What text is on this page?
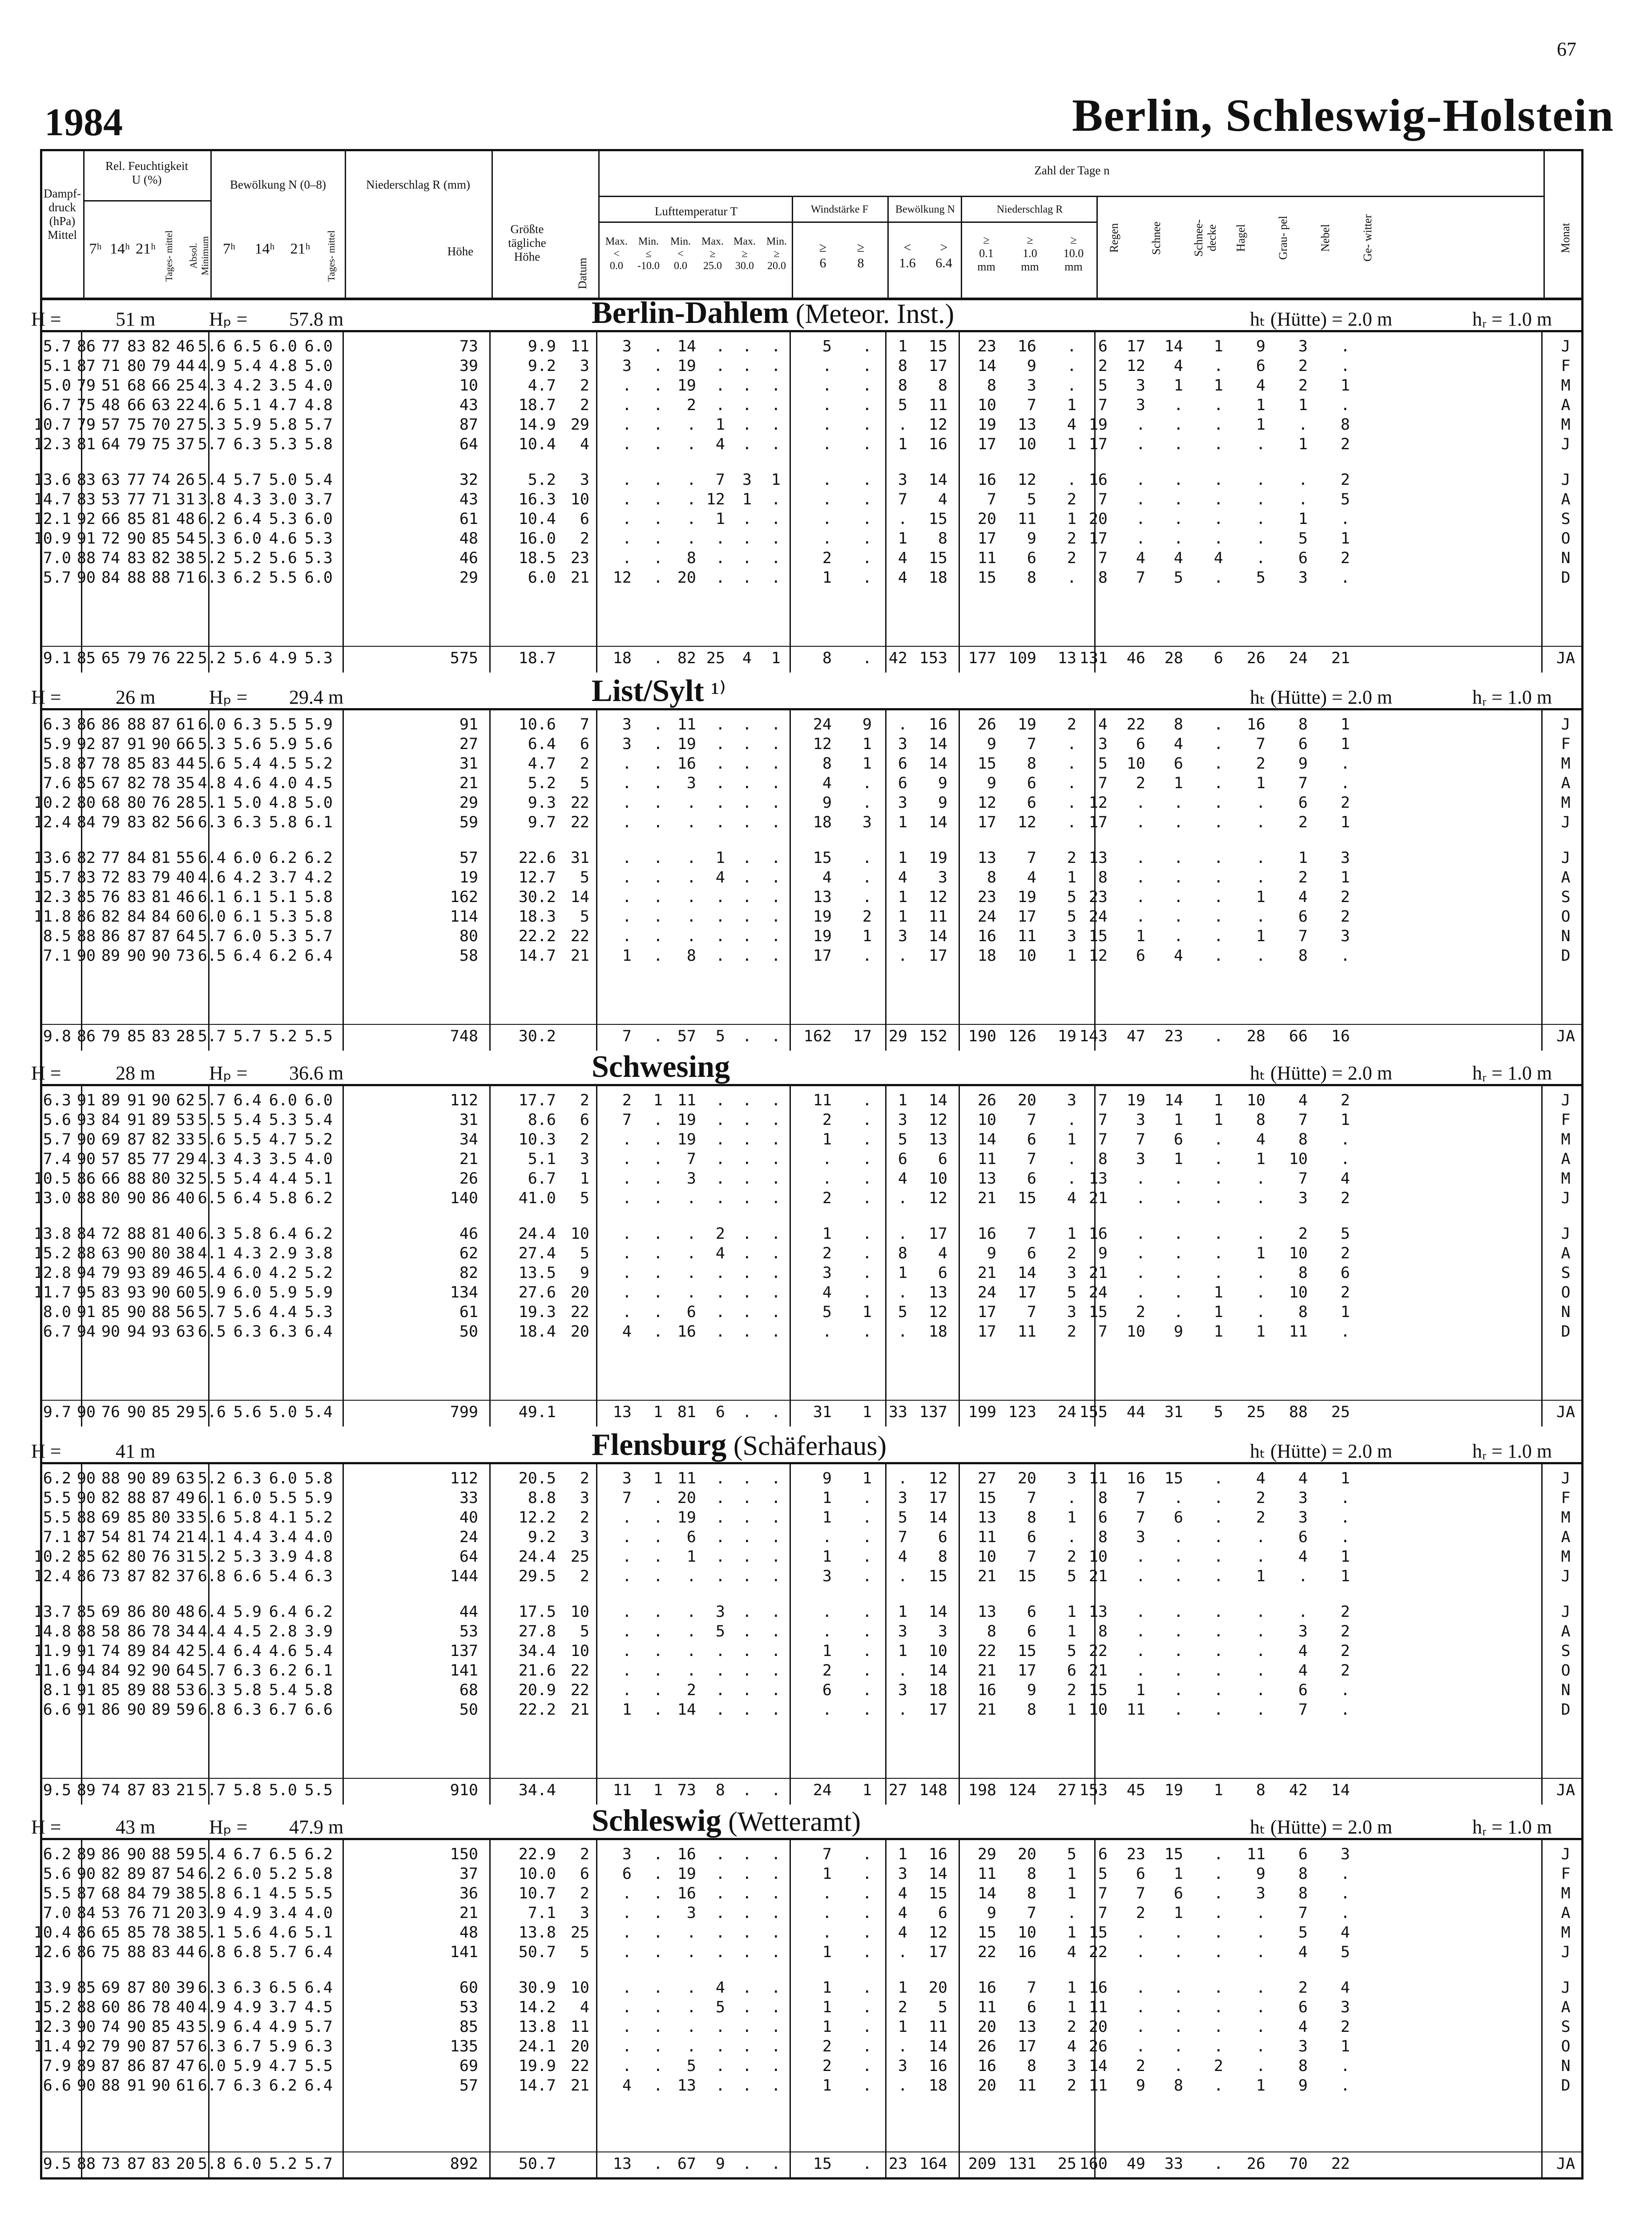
67
1984	Berlin, Schleswig-Holstein
Dampf-
druck
(hPa)
Mittel
Rel. Feuchtigkeit
U (%)	Bewölkung N (0–8)	Niederschlag R (mm)
Zahl der Tage n
Lufttemperatur T	Windstärke F	Bewölkung N	Niederschlag R
7ʰ 14ʰ 21ʰ Tages- mittel Absol. Minimum 7ʰ	14ʰ	21ʰ	Tages- mittel	Höhe
Größte
tägliche
Höhe
Datum
Max.
<
0.0
Min.
≤
-10.0
Min.
<
0.0
Max.
≥
25.0
Max.
≥
30.0
Min.
≥
20.0
≥
6
≥
8
<
1.6
>
6.4
≥
0.1
mm
≥
1.0
mm
≥
10.0
mm
Regen	Schnee	Schnee- decke Hagel	Grau- pel	Nebel	Ge- witter	Monat
H =	51 m	Hₚ = 57.8 m	Berlin-Dahlem (Meteor. Inst.)	hₜ (Hütte) = 2.0 m	hᵣ = 1.0 m
5.7 86 77 83 82 46 5.6 6.5 6.0 6.0	73	9.9 11 3 . 14 . . .	5 . 1 15 23 16 . 6 17 14 1 9 3 .	J
5.1 87 71 80 79 44 4.9 5.4 4.8 5.0	39	9.2 3 3 . 19 . . .	. . 8 17 14 9 . 2 12 4 . 6 2 .	F
5.0 79 51 68 66 25 4.3 4.2 3.5 4.0	10	4.7 2 . . 19 . . .	. . 8 8	8 3 . 5 3 1 1 4 2 1	M
6.7 75 48 66 63 22 4.6 5.1 4.7 4.8	43	18.7 2 . . 2 . . .	. . 5 11 10 7 1 7 3 . . 1 1 .	A
10.7 79 57 75 70 27 5.3 5.9 5.8 5.7	87	14.9 29 . . . 1 . .	. . . 12 19 13 4 19 . . . 1 . 8	M
12.3 81 64 79 75 37 5.7 6.3 5.3 5.8	64	10.4 4 . . . 4 . .	. . 1 16 17 10 1 17 . . . . 1 2	J
13.6 83 63 77 74 26 5.4 5.7 5.0 5.4	32	5.2 3 . . . 7 3 1	. . 3 14 16 12 . 16 . . . . . 2	J
14.7 83 53 77 71 31 3.8 4.3 3.0 3.7	43	16.3 10 . . . 12 1 .	. . 7 4	7 5 2 7 . . . . . 5	A
12.1 92 66 85 81 48 6.2 6.4 5.3 6.0	61	10.4 6 . . . 1 . .	. . . 15 20 11 1 20 . . . . 1 .	S
10.9 91 72 90 85 54 5.3 6.0 4.6 5.3	48	16.0 2 . . . . . .	. . 1 8 17 9 2 17 . . . . 5 1	O
7.0 88 74 83 82 38 5.2 5.2 5.6 5.3	46	18.5 23 . . 8 . . .	2 . 4 15 11 6 2 7 4 4 4 . 6 2	N
5.7 90 84 88 88 71 6.3 6.2 5.5 6.0	29	6.0 21 12 . 20 . . .	1 . 4 18 15 8 . 8 7 5 . 5 3 .	D
9.1 85 65 79 76 22 5.2 5.6 4.9 5.3	575	18.7	18 . 82 25 4 1	8 . 42 153 177 109 13 131 46 28 6 26 24 21	JA
H =	26 m	Hₚ = 29.4 m	List/Sylt ¹⁾	hₜ (Hütte) = 2.0 m	hᵣ = 1.0 m
6.3 86 86 88 87 61 6.0 6.3 5.5 5.9	91	10.6 7 3 . 11 . . . 24 9 . 16 26 19 2 4 22 8 . 16 8 1	J
5.9 92 87 91 90 66 5.3 5.6 5.9 5.6	27	6.4 6 3 . 19 . . . 12 1 3 14	9 7 . 3 6 4 . 7 6 1	F
5.8 87 78 85 83 44 5.6 5.4 4.5 5.2	31	4.7 2 . . 16 . . .	8 1 6 14 15 8 . 5 10 6 . 2 9 .	M
7.6 85 67 82 78 35 4.8 4.6 4.0 4.5	21	5.2 5 . . 3 . . .	4 . 6 9	9 6 . 7 2 1 . 1 7 .	A
10.2 80 68 80 76 28 5.1 5.0 4.8 5.0	29	9.3 22 . . . . . .	9 . 3 9 12 6 . 12 . . . . 6 2	M
12.4 84 79 83 82 56 6.3 6.3 5.8 6.1	59	9.7 22 . . . . . . 18 3 1 14 17 12 . 17 . . . . 2 1	J
13.6 82 77 84 81 55 6.4 6.0 6.2 6.2	57	22.6 31 . . . 1 . . 15 . 1 19 13 7 2 13 . . . . 1 3	J
15.7 83 72 83 79 40 4.6 4.2 3.7 4.2	19	12.7 5 . . . 4 . .	4 . 4 3	8 4 1 8 . . . . 2 1	A
12.3 85 76 83 81 46 6.1 6.1 5.1 5.8	162	30.2 14 . . . . . . 13 . 1 12 23 19 5 23 . . . 1 4 2	S
11.8 86 82 84 84 60 6.0 6.1 5.3 5.8	114	18.3 5 . . . . . . 19 2 1 11 24 17 5 24 . . . . 6 2	O
8.5 88 86 87 87 64 5.7 6.0 5.3 5.7	80	22.2 22 . . . . . . 19 1 3 14 16 11 3 15 1 . . 1 7 3	N
7.1 90 89 90 90 73 6.5 6.4 6.2 6.4	58	14.7 21 1 . 8 . . . 17 . . 17 18 10 1 12 6 4 . . 8 .	D
9.8 86 79 85 83 28 5.7 5.7 5.2 5.5	748	30.2	7 . 57 5 . . 162 17 29 152 190 126 19 143 47 23 . 28 66 16	JA
H =	28 m	Hₚ = 36.6 m	Schwesing	hₜ (Hütte) = 2.0 m	hᵣ = 1.0 m
6.3 91 89 91 90 62 5.7 6.4 6.0 6.0	112	17.7 2 2 1 11 . . . 11 . 1 14 26 20 3 7 19 14 1 10 4 2	J
5.6 93 84 91 89 53 5.5 5.4 5.3 5.4	31	8.6 6 7 . 19 . . .	2 . 3 12 10 7 . 7 3 1 1 8 7 1	F
5.7 90 69 87 82 33 5.6 5.5 4.7 5.2	34	10.3 2 . . 19 . . .	1 . 5 13 14 6 1 7 7 6 . 4 8 .	M
7.4 90 57 85 77 29 4.3 4.3 3.5 4.0	21	5.1 3 . . 7 . . .	. . 6 6 11 7 . 8 3 1 . 1 10 .	A
10.5 86 66 88 80 32 5.5 5.4 4.4 5.1	26	6.7 1 . . 3 . . .	. . 4 10 13 6 . 13 . . . . 7 4	M
13.0 88 80 90 86 40 6.5 6.4 5.8 6.2	140	41.0 5 . . . . . .	2 . . 12 21 15 4 21 . . . . 3 2	J
13.8 84 72 88 81 40 6.3 5.8 6.4 6.2	46	24.4 10 . . . 2 . .	1 . . 17 16 7 1 16 . . . . 2 5	J
15.2 88 63 90 80 38 4.1 4.3 2.9 3.8	62	27.4 5 . . . 4 . .	2 . 8 4	9 6 2 9 . . . 1 10 2	A
12.8 94 79 93 89 46 5.4 6.0 4.2 5.2	82	13.5 9 . . . . . .	3 . 1 6 21 14 3 21 . . . . 8 6	S
11.7 95 83 93 90 60 5.9 6.0 5.9 5.9	134	27.6 20 . . . . . .	4 . . 13 24 17 5 24 . . 1 . 10 2	O
8.0 91 85 90 88 56 5.7 5.6 4.4 5.3	61	19.3 22 . . 6 . . .	5 1 5 12 17 7 3 15 2 . 1 . 8 1	N
6.7 94 90 94 93 63 6.5 6.3 6.3 6.4	50	18.4 20 4 . 16 . . .	. . . 18 17 11 2 7 10 9 1 1 11 .	D
9.7 90 76 90 85 29 5.6 5.6 5.0 5.4	799	49.1	13 1 81 6 . . 31 1 33 137 199 123 24 155 44 31 5 25 88 25	JA
H =	41 m	Flensburg (Schäferhaus)	hₜ (Hütte) = 2.0 m	hᵣ = 1.0 m
6.2 90 88 90 89 63 5.2 6.3 6.0 5.8	112	20.5 2 3 1 11 . . .	9 1 . 12 27 20 3 11 16 15 . 4 4 1	J
5.5 90 82 88 87 49 6.1 6.0 5.5 5.9	33	8.8 3 7 . 20 . . .	1 . 3 17 15 7 . 8 7 . . 2 3 .	F
5.5 88 69 85 80 33 5.6 5.8 4.1 5.2	40	12.2 2 . . 19 . . .	1 . 5 14 13 8 1 6 7 6 . 2 3 .	M
7.1 87 54 81 74 21 4.1 4.4 3.4 4.0	24	9.2 3 . . 6 . . .	. . 7 6 11 6 . 8 3 . . . 6 .	A
10.2 85 62 80 76 31 5.2 5.3 3.9 4.8	64	24.4 25 . . 1 . . .	1 . 4 8 10 7 2 10 . . . . 4 1	M
12.4 86 73 87 82 37 6.8 6.6 5.4 6.3	144	29.5 2 . . . . . .	3 . . 15 21 15 5 21 . . . 1 . 1	J
13.7 85 69 86 80 48 6.4 5.9 6.4 6.2	44	17.5 10 . . . 3 . .	. . 1 14 13 6 1 13 . . . . . 2	J
14.8 88 58 86 78 34 4.4 4.5 2.8 3.9	53	27.8 5 . . . 5 . .	. . 3 3	8 6 1 8 . . . . 3 2	A
11.9 91 74 89 84 42 5.4 6.4 4.6 5.4	137	34.4 10 . . . . . .	1 . 1 10 22 15 5 22 . . . . 4 2	S
11.6 94 84 92 90 64 5.7 6.3 6.2 6.1	141	21.6 22 . . . . . .	2 . . 14 21 17 6 21 . . . . 4 2	O
8.1 91 85 89 88 53 6.3 5.8 5.4 5.8	68	20.9 22 . . 2 . . .	6 . 3 18 16 9 2 15 1 . . . 6 .	N
6.6 91 86 90 89 59 6.8 6.3 6.7 6.6	50	22.2 21 1 . 14 . . .	. . . 17 21 8 1 10 11 . . . 7 .	D
9.5 89 74 87 83 21 5.7 5.8 5.0 5.5	910	34.4	11 1 73 8 . . 24 1 27 148 198 124 27 153 45 19 1 8 42 14	JA
H =	43 m	Hₚ = 47.9 m	Schleswig (Wetteramt)	hₜ (Hütte) = 2.0 m	hᵣ = 1.0 m
6.2 89 86 90 88 59 5.4 6.7 6.5 6.2	150	22.9 2 3 . 16 . . .	7 . 1 16 29 20 5 6 23 15 . 11 6 3	J
5.6 90 82 89 87 54 6.2 6.0 5.2 5.8	37	10.0 6 6 . 19 . . .	1 . 3 14 11 8 1 5 6 1 . 9 8 .	F
5.5 87 68 84 79 38 5.8 6.1 4.5 5.5	36	10.7 2 . . 16 . . .	. . 4 15 14 8 1 7 7 6 . 3 8 .	M
7.0 84 53 76 71 20 3.9 4.9 3.4 4.0	21	7.1 3 . . 3 . . .	. . 4 6	9 7 . 7 2 1 . . 7 .	A
10.4 86 65 85 78 38 5.1 5.6 4.6 5.1	48	13.8 25 . . . . . .	. . 4 12 15 10 1 15 . . . . 5 4	M
12.6 86 75 88 83 44 6.8 6.8 5.7 6.4	141	50.7 5 . . . . . .	1 . . 17 22 16 4 22 . . . . 4 5	J
13.9 85 69 87 80 39 6.3 6.3 6.5 6.4	60	30.9 10 . . . 4 . .	1 . 1 20 16 7 1 16 . . . . 2 4	J
15.2 88 60 86 78 40 4.9 4.9 3.7 4.5	53	14.2 4 . . . 5 . .	1 . 2 5 11 6 1 11 . . . . 6 3	A
12.3 90 74 90 85 43 5.9 6.4 4.9 5.7	85	13.8 11 . . . . . .	1 . 1 11 20 13 2 20 . . . . 4 2	S
11.4 92 79 90 87 57 6.3 6.7 5.9 6.3	135	24.1 20 . . . . . .	2 . . 14 26 17 4 26 . . . . 3 1	O
7.9 89 87 86 87 47 6.0 5.9 4.7 5.5	69	19.9 22 . . 5 . . .	2 . 3 16 16 8 3 14 2 . 2 . 8 .	N
6.6 90 88 91 90 61 6.7 6.3 6.2 6.4	57	14.7 21 4 . 13 . . .	1 . . 18 20 11 2 11 9 8 . 1 9 .	D
9.5 88 73 87 83 20 5.8 6.0 5.2 5.7	892	50.7	13 . 67 9 . . 15 . 23 164 209 131 25 160 49 33 . 26 70 22	JA
